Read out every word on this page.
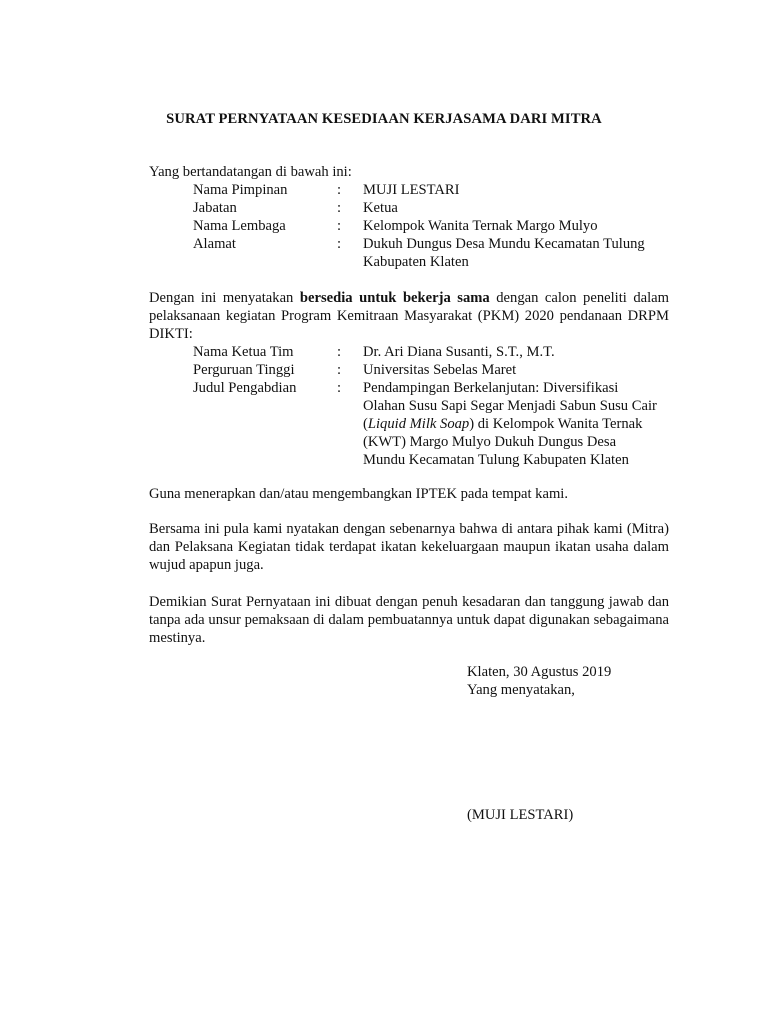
SURAT PERNYATAAN KESEDIAAN KERJASAMA DARI MITRA
Yang bertandatangan di bawah ini:
Nama Pimpinan	: MUJI LESTARI
Jabatan	: Ketua
Nama Lembaga	: Kelompok Wanita Ternak Margo Mulyo
Alamat	: Dukuh Dungus Desa Mundu Kecamatan Tulung
Kabupaten Klaten
Dengan ini menyatakan bersedia untuk bekerja sama dengan calon peneliti dalam pelaksanaan kegiatan Program Kemitraan Masyarakat (PKM) 2020 pendanaan DRPM DIKTI:
Nama Ketua Tim	: Dr. Ari Diana Susanti, S.T., M.T.
Perguruan Tinggi	: Universitas Sebelas Maret
Judul Pengabdian	: Pendampingan Berkelanjutan: Diversifikasi
Olahan Susu Sapi Segar Menjadi Sabun Susu Cair
(Liquid Milk Soap) di Kelompok Wanita Ternak
(KWT) Margo Mulyo Dukuh Dungus Desa
Mundu Kecamatan Tulung Kabupaten Klaten
Guna menerapkan dan/atau mengembangkan IPTEK pada tempat kami.
Bersama ini pula kami nyatakan dengan sebenarnya bahwa di antara pihak kami (Mitra) dan Pelaksana Kegiatan tidak terdapat ikatan kekeluargaan maupun ikatan usaha dalam wujud apapun juga.
Demikian Surat Pernyataan ini dibuat dengan penuh kesadaran dan tanggung jawab dan tanpa ada unsur pemaksaan di dalam pembuatannya untuk dapat digunakan sebagaimana mestinya.
Klaten, 30 Agustus 2019
Yang menyatakan,
(MUJI LESTARI)
